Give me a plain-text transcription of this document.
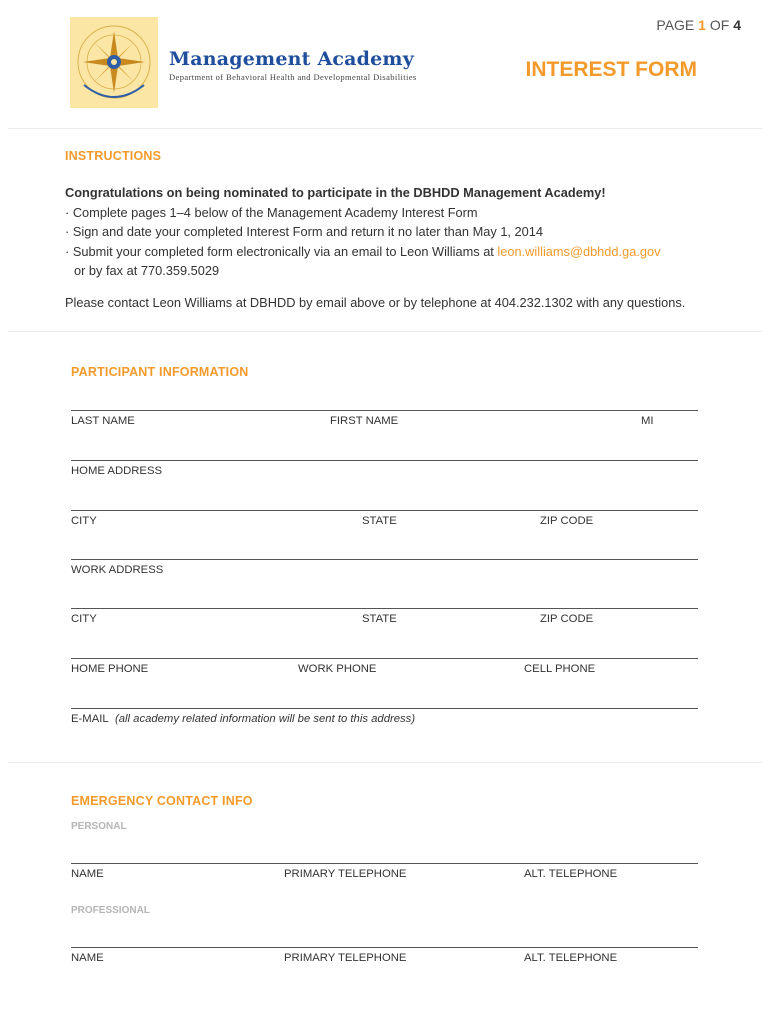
PAGE 1 OF 4
Management Academy
Department of Behavioral Health and Developmental Disabilities	INTEREST FORM
INSTRUCTIONS
Congratulations on being nominated to participate in the DBHDD Management Academy!
· Complete pages 1–4 below of the Management Academy Interest Form
· Sign and date your completed Interest Form and return it no later than May 1, 2014
· Submit your completed form electronically via an email to Leon Williams at leon.williams@dbhdd.ga.gov
or by fax at 770.359.5029
Please contact Leon Williams at DBHDD by email above or by telephone at 404.232.1302 with any questions.
PARTICIPANT INFORMATION
LAST NAME	FIRST NAME	MI
HOME ADDRESS
CITY	STATE	ZIP CODE
WORK ADDRESS
CITY	STATE	ZIP CODE
HOME PHONE	WORK PHONE	CELL PHONE
E-MAIL (all academy related information will be sent to this address)
EMERGENCY CONTACT INFO
PERSONAL
NAME	PRIMARY TELEPHONE	ALT. TELEPHONE
PROFESSIONAL
NAME	PRIMARY TELEPHONE	ALT. TELEPHONE
